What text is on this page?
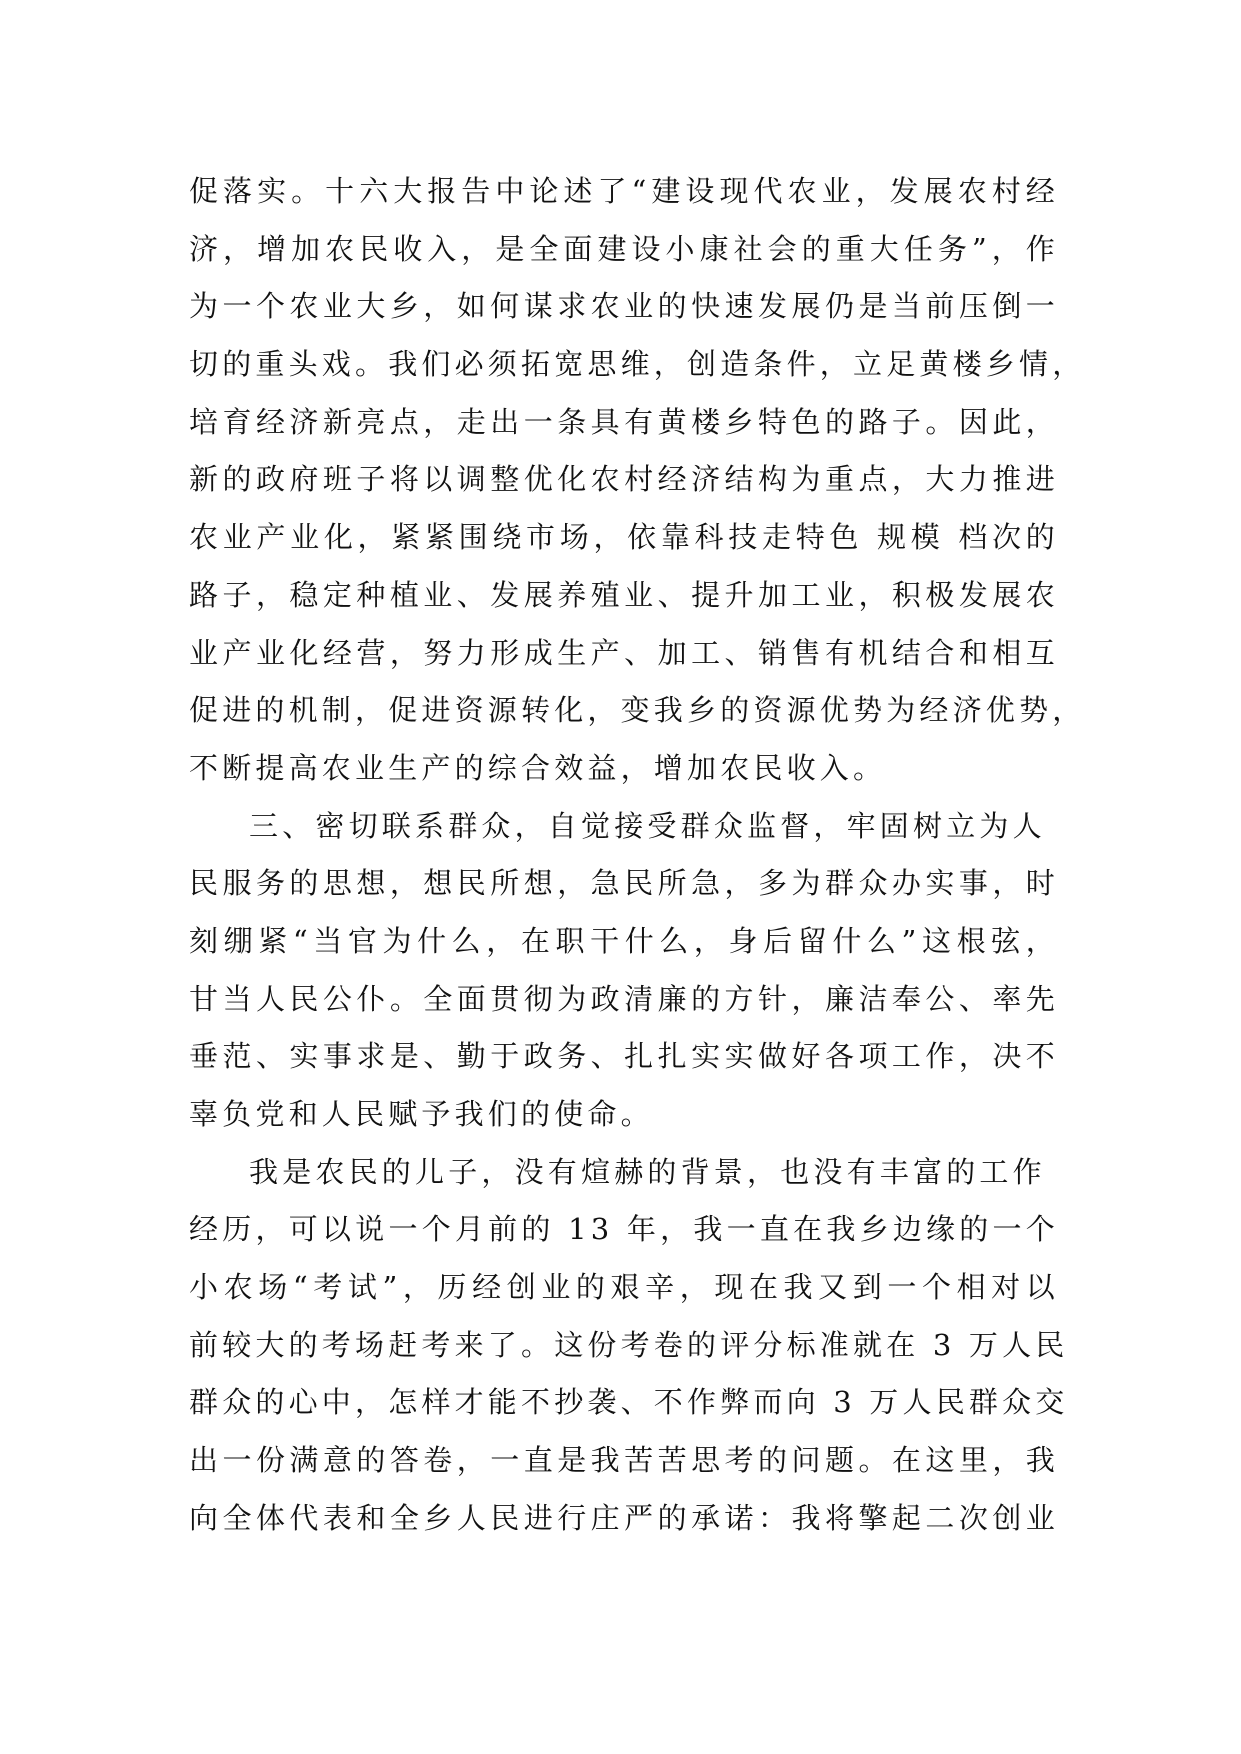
促落实。十六大报告中论述了“建设现代农业，发展农村经
济，增加农民收入，是全面建设小康社会的重大任务”，作
为一个农业大乡，如何谋求农业的快速发展仍是当前压倒一
切的重头戏。我们必须拓宽思维，创造条件，立足黄楼乡情，
培育经济新亮点，走出一条具有黄楼乡特色的路子。因此，
新的政府班子将以调整优化农村经济结构为重点，大力推进
农业产业化，紧紧围绕市场，依靠科技走特色 规模 档次的
路子，稳定种植业、发展养殖业、提升加工业，积极发展农
业产业化经营，努力形成生产、加工、销售有机结合和相互
促进的机制，促进资源转化，变我乡的资源优势为经济优势，
不断提高农业生产的综合效益，增加农民收入。
三、密切联系群众，自觉接受群众监督，牢固树立为人
民服务的思想，想民所想，急民所急，多为群众办实事，时
刻绷紧“当官为什么，在职干什么，身后留什么”这根弦，
甘当人民公仆。全面贯彻为政清廉的方针，廉洁奉公、率先
垂范、实事求是、勤于政务、扎扎实实做好各项工作，决不
辜负党和人民赋予我们的使命。
我是农民的儿子，没有煊赫的背景，也没有丰富的工作
经历，可以说一个月前的 13 年，我一直在我乡边缘的一个
小农场“考试”，历经创业的艰辛，现在我又到一个相对以
前较大的考场赶考来了。这份考卷的评分标准就在 3 万人民
群众的心中，怎样才能不抄袭、不作弊而向 3 万人民群众交
出一份满意的答卷，一直是我苦苦思考的问题。在这里，我
向全体代表和全乡人民进行庄严的承诺：我将擎起二次创业
